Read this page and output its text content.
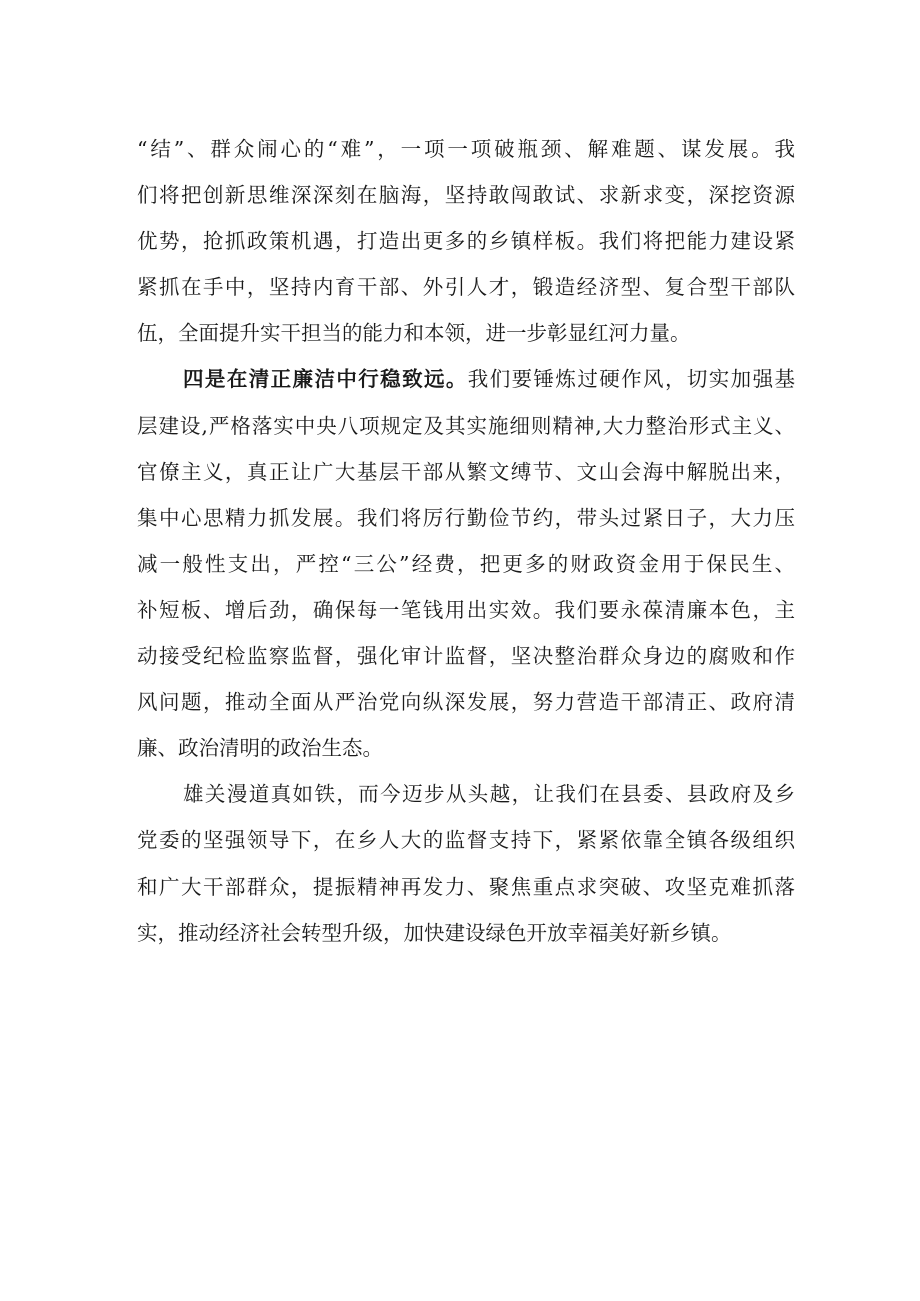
“结”、群众闹心的“难”，一项一项破瓶颈、解难题、谋发展。我
们将把创新思维深深刻在脑海，坚持敢闯敢试、求新求变，深挖资源
优势，抢抓政策机遇，打造出更多的乡镇样板。我们将把能力建设紧
紧抓在手中，坚持内育干部、外引人才，锻造经济型、复合型干部队
伍，全面提升实干担当的能力和本领，进一步彰显红河力量。
四是在清正廉洁中行稳致远。我们要锤炼过硬作风，切实加强基
层建设,严格落实中央八项规定及其实施细则精神,大力整治形式主义、
官僚主义，真正让广大基层干部从繁文缚节、文山会海中解脱出来，
集中心思精力抓发展。我们将厉行勤俭节约，带头过紧日子，大力压
减一般性支出，严控“三公”经费，把更多的财政资金用于保民生、
补短板、增后劲，确保每一笔钱用出实效。我们要永葆清廉本色，主
动接受纪检监察监督，强化审计监督，坚决整治群众身边的腐败和作
风问题，推动全面从严治党向纵深发展，努力营造干部清正、政府清
廉、政治清明的政治生态。
雄关漫道真如铁，而今迈步从头越，让我们在县委、县政府及乡
党委的坚强领导下，在乡人大的监督支持下，紧紧依靠全镇各级组织
和广大干部群众，提振精神再发力、聚焦重点求突破、攻坚克难抓落
实，推动经济社会转型升级，加快建设绿色开放幸福美好新乡镇。
